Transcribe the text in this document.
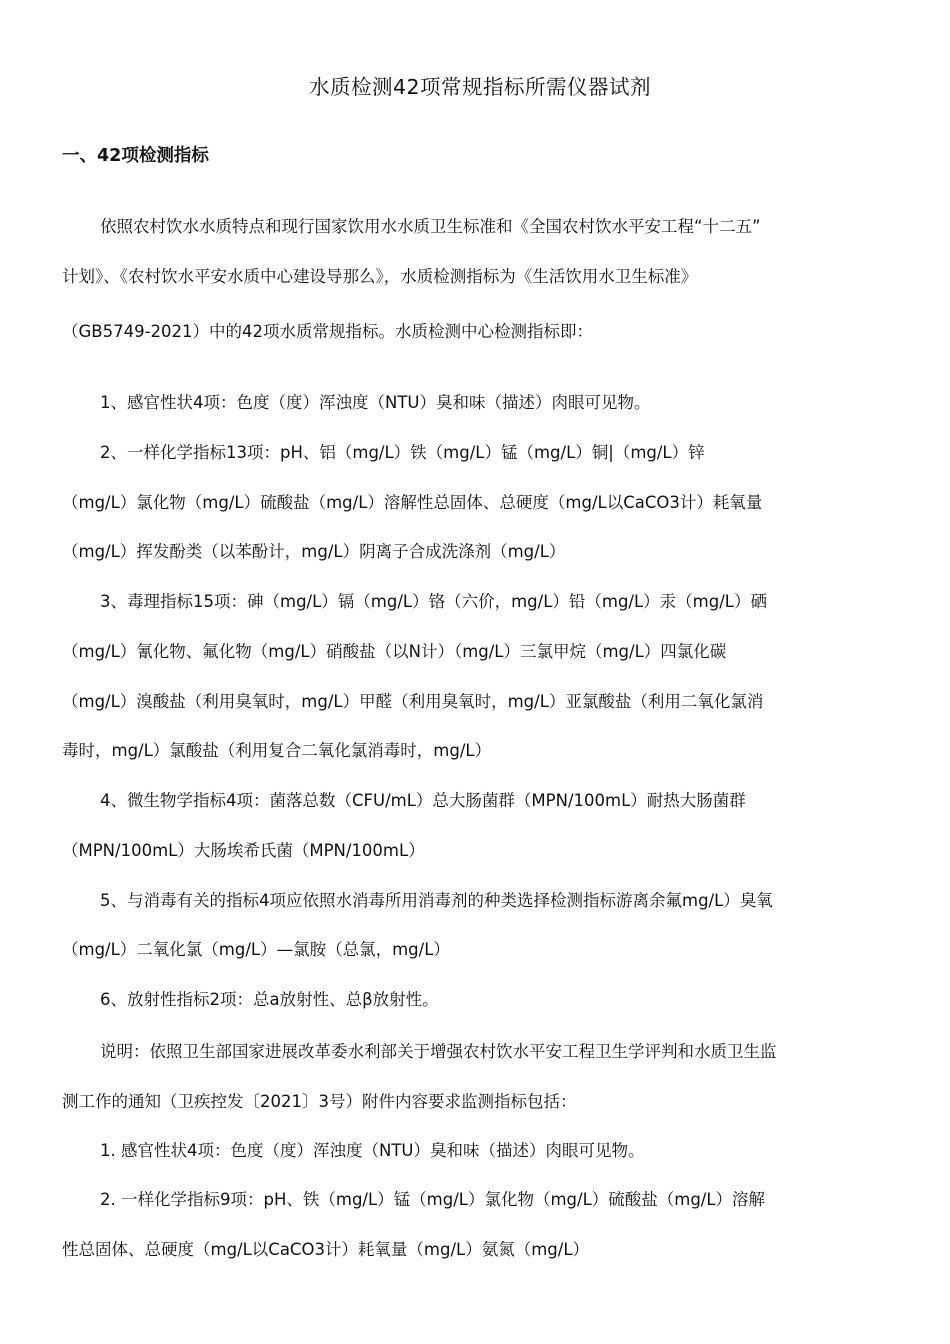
水质检测42项常规指标所需仪器试剂
一、42项检测指标
依照农村饮水水质特点和现行国家饮用水水质卫生标准和《全国农村饮水平安工程“十二五”
计划》、《农村饮水平安水质中心建设导那么》，水质检测指标为《生活饮用水卫生标准》
（GB5749-2021）中的42项水质常规指标。水质检测中心检测指标即：
1、感官性状4项：色度（度）浑浊度（NTU）臭和味（描述）肉眼可见物。
2、一样化学指标13项：pH、铝（mg/L）铁（mg/L）锰（mg/L）铜|（mg/L）锌
（mg/L）氯化物（mg/L）硫酸盐（mg/L）溶解性总固体、总硬度（mg/L以CaCO3计）耗氧量
（mg/L）挥发酚类（以苯酚计，mg/L）阴离子合成洗涤剂（mg/L）
3、毒理指标15项：砷（mg/L）镉（mg/L）铬（六价，mg/L）铅（mg/L）汞（mg/L）硒
（mg/L）氰化物、氟化物（mg/L）硝酸盐（以N计）（mg/L）三氯甲烷（mg/L）四氯化碳
（mg/L）溴酸盐（利用臭氧时，mg/L）甲醛（利用臭氧时，mg/L）亚氯酸盐（利用二氧化氯消
毒时，mg/L）氯酸盐（利用复合二氧化氯消毒时，mg/L）
4、微生物学指标4项：菌落总数（CFU/mL）总大肠菌群（MPN/100mL）耐热大肠菌群
（MPN/100mL）大肠埃希氏菌（MPN/100mL）
5、与消毒有关的指标4项应依照水消毒所用消毒剂的种类选择检测指标游离余氟mg/L）臭氧
（mg/L）二氧化氯（mg/L）—氯胺（总氯，mg/L）
6、放射性指标2项：总a放射性、总β放射性。
说明：依照卫生部国家进展改革委水利部关于增强农村饮水平安工程卫生学评判和水质卫生监
测工作的通知（卫疾控发〔2021〕3号）附件内容要求监测指标包括：
1. 感官性状4项：色度（度）浑浊度（NTU）臭和味（描述）肉眼可见物。
2. 一样化学指标9项：pH、铁（mg/L）锰（mg/L）氯化物（mg/L）硫酸盐（mg/L）溶解
性总固体、总硬度（mg/L以CaCO3计）耗氧量（mg/L）氨氮（mg/L）
